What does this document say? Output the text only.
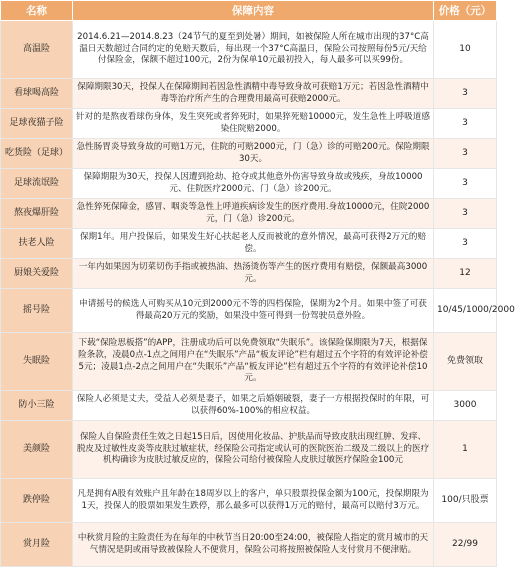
名称	保障内容	价格（元）
高温险	2014.6.21—2014.8.23（24节气的夏至到处暑）期间，如被保险人所在城市出现的37°C高温日天数超过合同约定的免赔天数后，每出现一个37°C高温日，保险公司按照每份5元/天给付保险金，保额不超过100元，2份为保单10元最初投入，每人最多可以买99份。	10
看球喝高险	保障期限30天，投保人在保障期间若因急性酒精中毒导致身故可获赔1万元；若因急性酒精中毒等治疗所产生的合理费用最高可获赔2000元。	3
足球夜猫子险	针对的是熬夜看球伤身体，发生突死或者猝死时，如果猝死赔10000元，发生急性上呼吸道感染住院赔2000。	3
吃货险（足球）	急性肠胃炎导致身故的可赔1万元，住院的可赔2000元，门（急）诊的可赔200元。保险期限30天。	3
足球流氓险	保障期限为30天，投保人因遭到抢劫、抢夺或其他意外伤害导致身故或残疾，身故10000元、住院医疗2000元、门（急）诊200元。	3
熬夜爆肝险	急性猝死保障金，感冒、咽炎等急性上呼道疾病诊发生的医疗费用.身故10000元，住院2000元，门（急）诊200元。	3
扶老人险	保期1年。用户投保后，如果发生好心扶起老人反而被讹的意外情况，最高可获得2万元的赔偿。	3
厨娘关爱险	一年内如果因为切菜切伤手指或被热油、热汤烫伤等产生的医疗费用有赔偿，保额最高3000元。	12
摇号险	申请摇号的候选人可购买从10元到2000元不等的四档保险，保期为2个月。如果中签了可获得最高20万元的奖励，如果没中签可得到一份驾驶员意外险。	10/45/1000/2000
失眠险	下载“保险思板搭”的APP，注册成功后可以免费领取“失眠乐”。该保险保期限为7天，根据保险条款，凌晨0点-1点之间用户在“失眠乐”产品“板友评论”栏有超过五个字符的有效评论补偿5元；凌晨1点-2点之间用户在“失眠乐”产品“板友评论”栏有超过五个字符的有效评论补偿10元。	免费领取
防小三险	保险人必须是丈夫，受益人必须是妻子，如果之后婚姻破裂，妻子一方根据投保时的年限，可以获得60%-100%的相应权益。	3000
美颜险	保险人自保险责任生效之日起15日后，因使用化妆品、护肤品而导致皮肤出现红肿、发痒、脱皮及过敏性皮炎等皮肤过敏症状，经保险公司指定或认可的医院医治二级及二级以上的医疗机构确诊为皮肤过敏反应的，保险公司给付被保险人皮肤过敏医疗保险金100元	1
跌停险	凡是拥有A股有效账户且年龄在18周岁以上的客户，单只股票投保金额为100元，投保期限为1天，投保人的股票如果发生跌停，那么最多可以获得1万元的赔付，最高可以赔付3万元。	100/只股票
赏月险	中秋赏月险的主险责任为在每年的中秋节当日20:00至24:00，被保险人指定的赏月城市的天气情况是阴或雨导致被保险人不便赏月，保险公司将按照被保险人支付赏月不便津贴。	22/99
